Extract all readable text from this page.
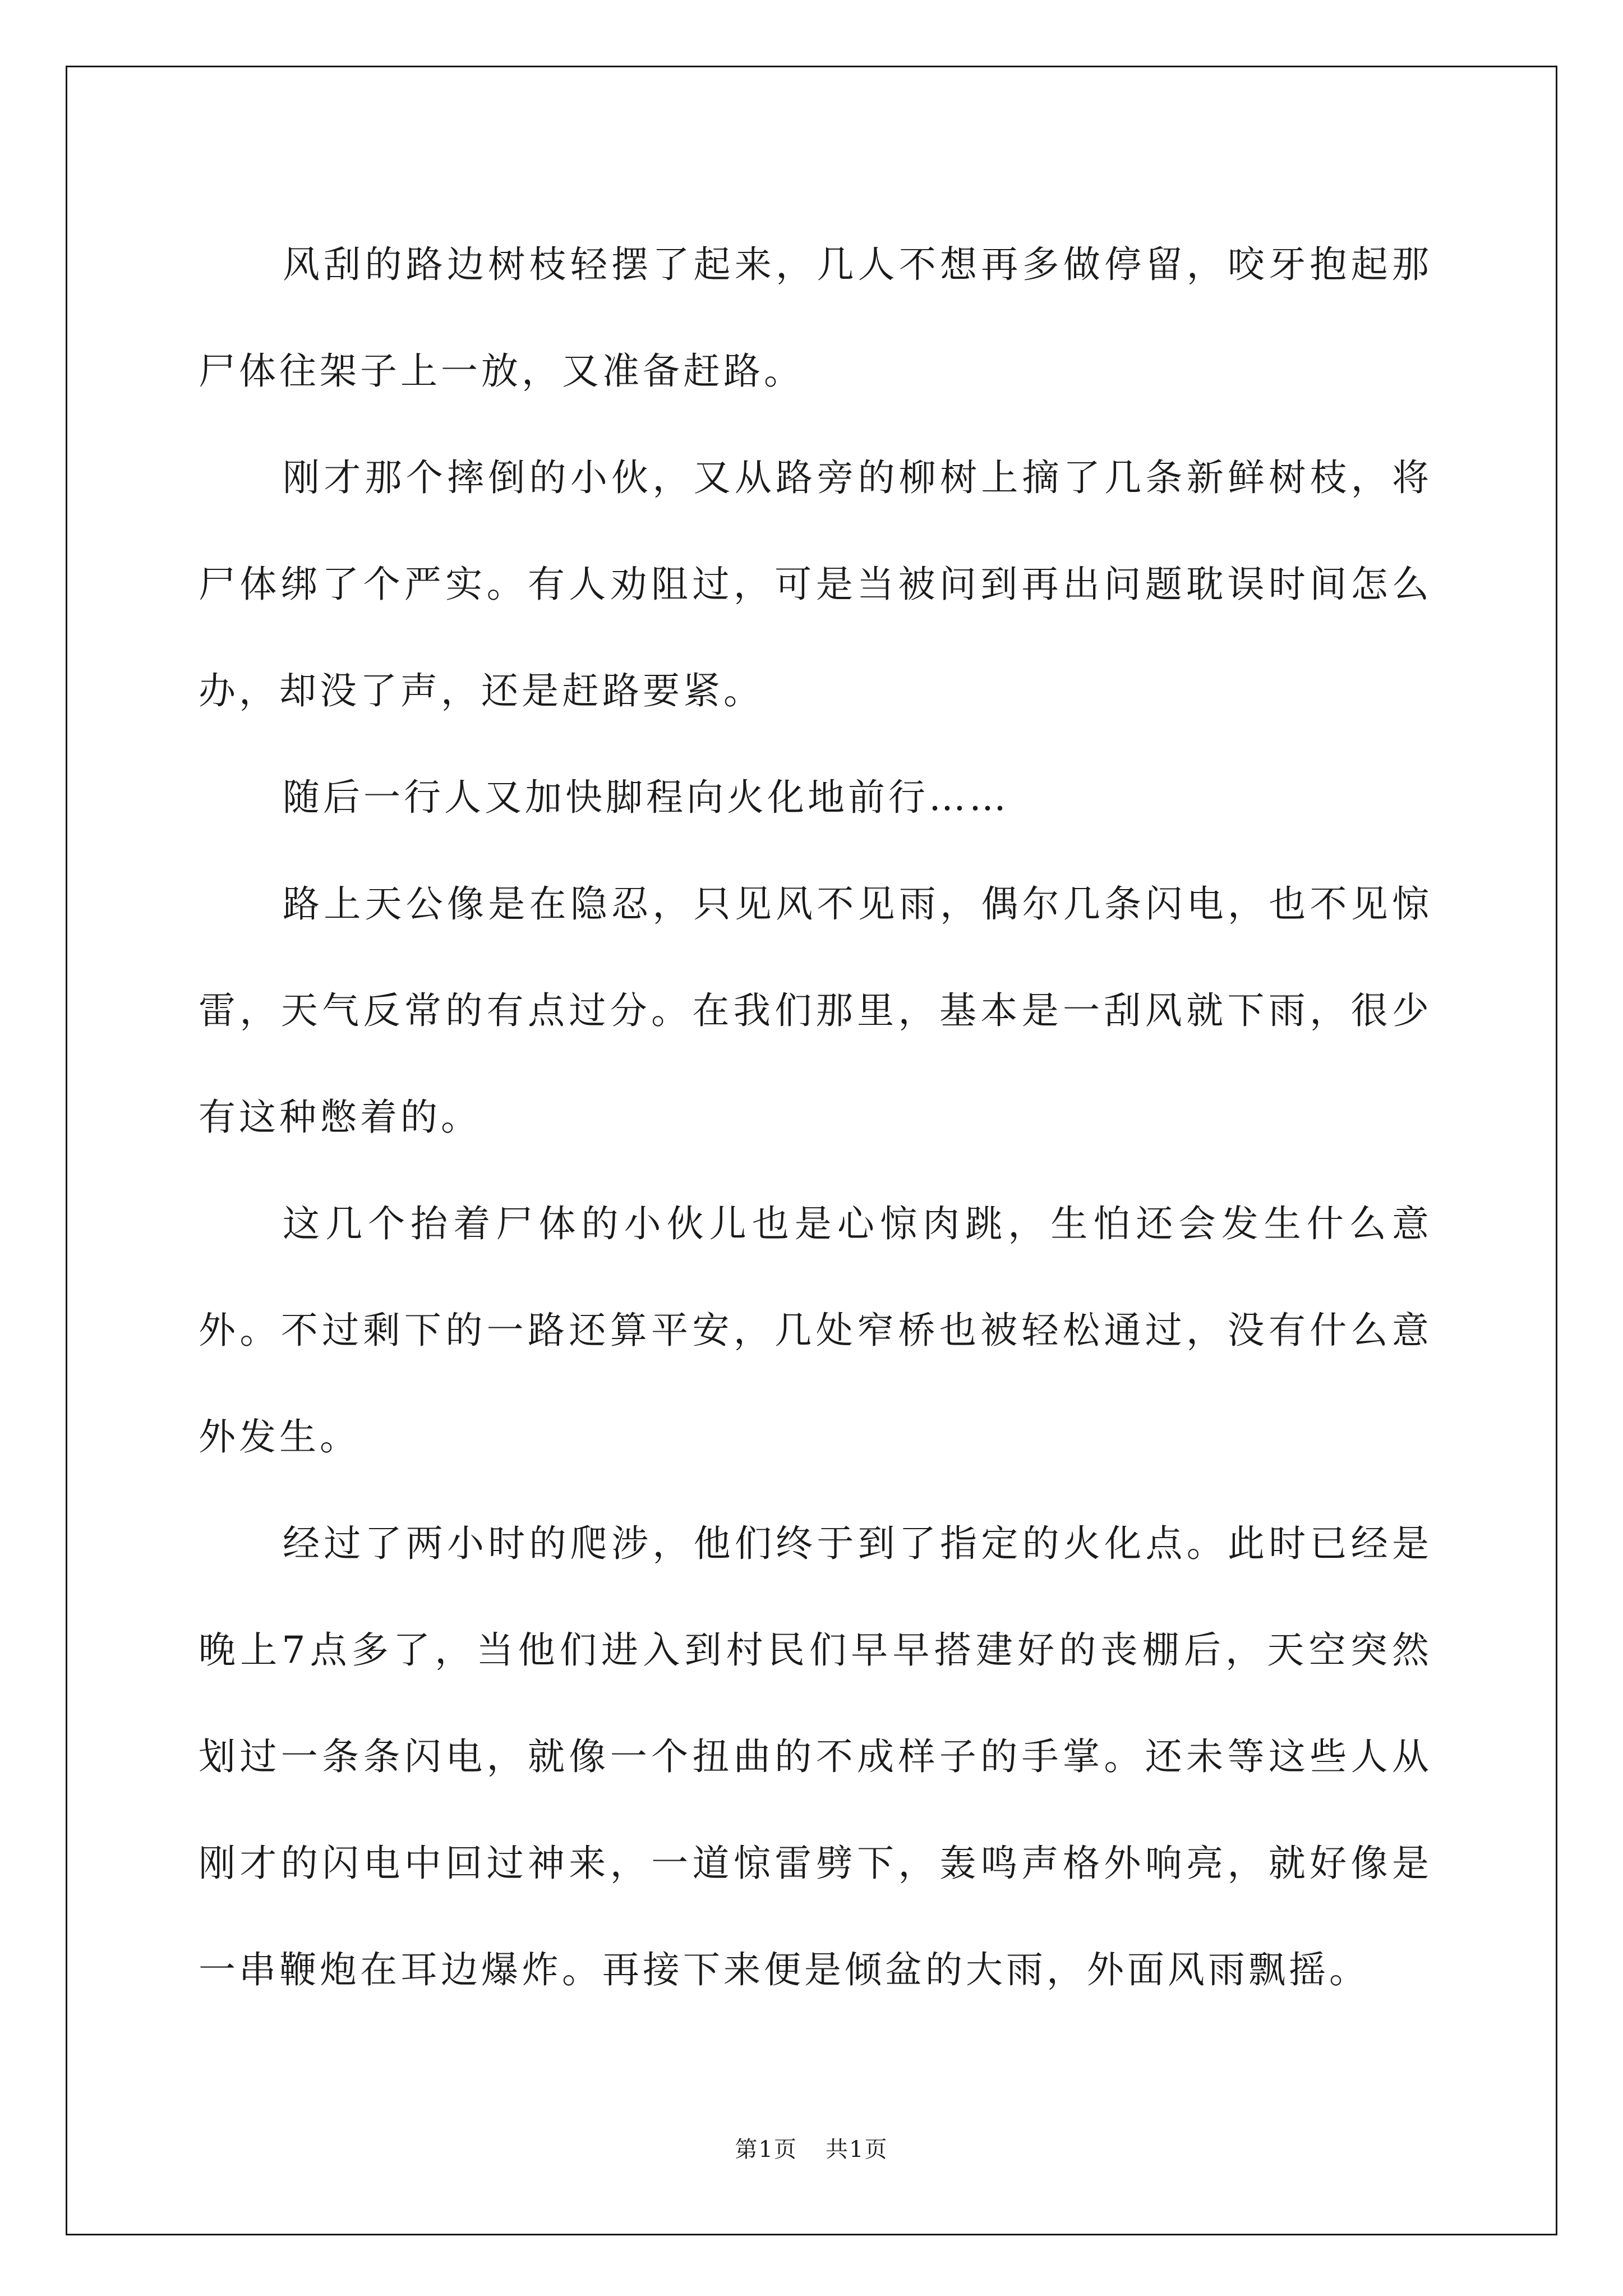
风刮的路边树枝轻摆了起来，几人不想再多做停留，咬牙抱起那尸体往架子上一放，又准备赶路。

刚才那个摔倒的小伙，又从路旁的柳树上摘了几条新鲜树枝，将尸体绑了个严实。有人劝阻过，可是当被问到再出问题耽误时间怎么办，却没了声，还是赶路要紧。

随后一行人又加快脚程向火化地前行……

路上天公像是在隐忍，只见风不见雨，偶尔几条闪电，也不见惊雷，天气反常的有点过分。在我们那里，基本是一刮风就下雨，很少有这种憋着的。

这几个抬着尸体的小伙儿也是心惊肉跳，生怕还会发生什么意外。不过剩下的一路还算平安，几处窄桥也被轻松通过，没有什么意外发生。

经过了两小时的爬涉，他们终于到了指定的火化点。此时已经是晚上7点多了，当他们进入到村民们早早搭建好的丧棚后，天空突然划过一条条闪电，就像一个扭曲的不成样子的手掌。还未等这些人从刚才的闪电中回过神来，一道惊雷劈下，轰鸣声格外响亮，就好像是一串鞭炮在耳边爆炸。再接下来便是倾盆的大雨，外面风雨飘摇。

第1页 共1页
